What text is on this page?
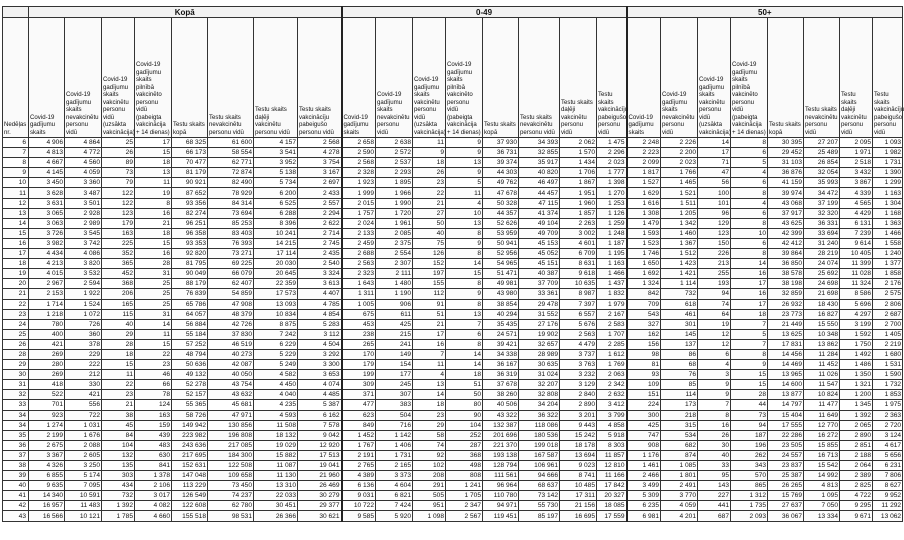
	Kopā								0-49								50+							
Nedēļas nr.	Covid-19 gadījumu skaits	Covid-19 gadījumu skaits nevakcinētu personu vidū	Covid-19 gadījumu skaits vakcinētu personu vidū (uzsākta vakcinācija)	Covid-19 gadījumu skaits pilnībā vakcinēto personu vidū (pabeigta vakcinācija + 14 dienas)	Testu skaits kopā	Testu skaits nevakcinētu personu vidū	Testu skaits daļēji vakcinētu personu vidū	Testu skaits vakcinācīju pabeigušo personu vidū	Covid-19 gadījumu skaits	Covid-19 gadījumu skaits nevakcinētu personu vidū	Covid-19 gadījumu skaits vakcinētu personu vidū (uzsākta vakcinācija)	Covid-19 gadījumu skaits pilnībā vakcinēto personu vidū (pabeigta vakcinācija + 14 dienas)	Testu skaits kopā	Testu skaits nevakcinētu personu vidū	Testu skaits daļēji vakcinētu personu vidū	Testu skaits vakcinācīju pabeigušo personu vidū	Covid-19 gadījumu skaits	Covid-19 gadījumu skaits nevakcinētu personu vidū	Covid-19 gadījumu skaits vakcinētu personu vidū (uzsākta vakcinācija)	Covid-19 gadījumu skaits pilnībā vakcinēto personu vidū (pabeigta vakcinācija + 14 dienas)	Testu skaits kopā	Testu skaits nevakcinētu personu vidū	Testu skaits daļēji vakcinētu personu vidū	Testu skaits vakcinācīju pabeigušo personu vidū
6	4 906	4 864	25	17	68 325	61 600	4 157	2 568	2 658	2 638	11	9	37 930	34 393	2 062	1 475	2 248	2 226	14	8	30 395	27 207	2 095	1 093
7	4 813	4 772	26	15	66 173	58 554	3 541	4 278	2 590	2 572	9	9	36 731	32 855	1 570	2 296	2 223	2 200	17	6	29 452	25 489	1 971	1 982
8	4 667	4 560	89	18	70 477	62 771	3 952	3 754	2 568	2 537	18	13	39 374	35 917	1 434	2 023	2 099	2 023	71	5	31 103	26 854	2 518	1 731
9	4 145	4 059	73	13	81 179	72 874	5 138	3 167	2 328	2 293	26	9	44 303	40 820	1 706	1 777	1 817	1 766	47	4	36 876	32 054	3 432	1 390
10	3 450	3 360	79	11	90 921	82 490	5 734	2 697	1 923	1 895	23	5	49 762	46 497	1 867	1 398	1 527	1 465	56	6	41 159	35 993	3 867	1 299
11	3 628	3 487	122	19	87 652	78 929	6 200	2 433	1 999	1 966	22	11	47 678	44 457	1 951	1 270	1 629	1 521	100	8	39 974	34 472	4 339	1 163
12	3 631	3 501	122	8	93 356	84 314	6 525	2 557	2 015	1 990	21	4	50 328	47 115	1 960	1 253	1 616	1 511	101	4	43 068	37 199	4 565	1 304
13	3 065	2 928	123	16	82 274	73 694	6 288	2 294	1 757	1 720	27	10	44 357	41 374	1 857	1 126	1 308	1 205	96	6	37 917	32 320	4 429	1 168
14	3 063	2 989	179	21	96 251	85 253	8 396	2 622	2 024	1 961	50	13	52 626	49 104	2 263	1 259	1 479	1 342	129	8	43 625	36 331	6 131	1 363
15	3 726	3 545	163	18	96 358	83 403	10 241	2 714	2 133	2 085	40	8	53 959	49 709	3 002	1 248	1 593	1 460	123	10	42 399	33 694	7 239	1 466
16	3 982	3 742	225	15	93 353	76 393	14 215	2 745	2 459	2 375	75	9	50 941	45 153	4 601	1 187	1 523	1 367	150	6	42 412	31 240	9 614	1 558
17	4 434	4 086	352	16	92 820	73 271	17 114	2 435	2 688	2 554	126	8	52 956	45 052	6 709	1 195	1 746	1 512	226	8	39 864	28 219	10 405	1 240
18	4 213	3 820	365	28	81 795	69 225	20 030	2 540	2 563	2 307	152	14	54 965	45 151	8 631	1 163	1 650	1 423	213	14	36 850	24 074	11 399	1 377
19	4 015	3 532	452	31	90 049	66 079	20 645	3 324	2 323	2 111	197	15	51 471	40 387	9 618	1 466	1 692	1 421	255	16	38 578	25 692	11 028	1 858
20	2 967	2 594	368	25	88 179	62 407	22 359	3 613	1 643	1 480	155	8	49 981	37 709	10 635	1 437	1 324	1 114	193	17	38 198	24 698	11 324	2 176
21	2 153	1 922	206	25	76 839	54 859	17 573	4 407	1 311	1 190	112	9	43 980	33 361	8 987	1 832	842	732	94	16	32 859	21 698	8 586	2 575
22	1 714	1 524	165	25	65 786	47 908	13 093	4 785	1 005	906	91	8	38 854	29 478	7 397	1 979	709	618	74	17	26 932	18 430	5 696	2 806
23	1 218	1 072	115	31	64 057	48 379	10 834	4 854	675	611	51	13	40 294	31 552	6 557	2 167	543	461	64	18	23 773	16 827	4 297	2 687
24	780	726	40	14	56 884	42 726	8 875	5 283	453	425	21	7	35 435	27 176	5 676	2 583	327	301	19	7	21 449	15 550	3 199	2 700
25	400	360	29	11	55 184	37 830	7 242	3 112	238	215	17	6	24 571	19 902	2 563	1 707	162	145	12	5	13 625	10 348	1 592	1 405
26	421	378	28	15	57 252	46 519	6 229	4 504	265	241	16	8	39 421	32 657	4 479	2 285	156	137	12	7	17 831	13 862	1 750	2 219
28	269	229	18	22	48 794	40 273	5 229	3 292	170	149	7	14	34 338	28 989	3 737	1 612	98	86	6	8	14 456	11 284	1 492	1 680
29	280	222	15	23	50 636	42 087	5 249	3 300	179	154	11	14	36 167	30 635	3 763	1 769	81	68	4	9	14 469	11 452	1 486	1 531
30	269	212	11	46	49 132	40 050	4 582	3 653	199	177	4	18	36 319	31 024	3 232	2 063	93	76	3	15	13 965	11 026	1 350	1 590
31	418	330	22	66	52 278	43 754	4 450	4 074	309	245	13	51	37 678	32 207	3 129	2 342	109	85	9	15	14 600	11 547	1 321	1 732
32	522	421	23	78	52 157	43 632	4 040	4 485	371	307	14	50	38 260	32 808	2 840	2 632	151	114	9	28	13 877	10 824	1 200	1 853
33	701	556	21	124	55 365	45 681	4 235	5 387	477	383	18	80	40 506	34 204	2 890	3 412	224	173	7	44	14 797	11 477	1 345	1 975
34	923	722	38	163	58 726	47 971	4 593	6 162	623	504	23	90	43 322	36 322	3 201	3 799	300	218	8	73	15 404	11 649	1 392	2 363
34	1 274	1 031	45	159	149 942	130 856	11 508	7 578	849	716	29	104	132 387	118 086	9 443	4 858	425	315	16	94	17 555	12 770	2 065	2 720
35	2 199	1 676	84	439	223 982	196 808	18 132	9 042	1 452	1 142	58	252	201 696	180 536	15 242	5 918	747	534	26	187	22 286	16 272	2 890	3 124
36	2 675	2 088	104	483	243 636	217 085	19 029	12 920	1 767	1 406	74	287	221 370	199 018	18 178	8 303	908	682	30	196	23 505	15 855	2 851	4 617
37	3 367	2 605	132	630	217 695	184 300	15 882	17 513	2 191	1 731	92	368	193 138	167 587	13 694	11 857	1 176	874	40	262	24 557	16 713	2 188	5 656
38	4 326	3 250	135	841	152 631	122 508	11 087	19 041	2 765	2 165	102	498	128 794	106 961	9 023	12 810	1 461	1 085	33	343	23 837	15 542	2 064	6 231
39	6 855	5 174	303	1 378	147 048	109 658	11 130	21 960	4 389	3 373	208	808	111 561	94 666	8 741	11 166	2 466	1 801	95	570	25 387	14 992	2 389	7 806
40	9 635	7 095	434	2 106	113 229	73 450	13 310	26 469	6 136	4 604	291	1 241	96 964	68 637	10 485	17 842	3 499	2 491	143	865	26 265	4 813	2 825	8 627
41	14 340	10 591	732	3 017	126 549	74 237	22 033	30 279	9 031	6 821	505	1 705	110 780	73 142	17 311	20 327	5 309	3 770	227	1 312	15 769	1 095	4 722	9 952
42	16 957	11 483	1 392	4 082	122 608	62 780	30 451	29 377	10 722	7 424	951	2 347	94 971	55 730	21 156	18 085	6 235	4 059	441	1 735	27 637	7 050	9 295	11 292
43	16 566	10 121	1 785	4 660	155 518	98 531	26 366	30 621	9 585	5 920	1 098	2 567	119 451	85 197	16 695	17 559	6 981	4 201	687	2 093	36 067	13 334	9 671	13 062
